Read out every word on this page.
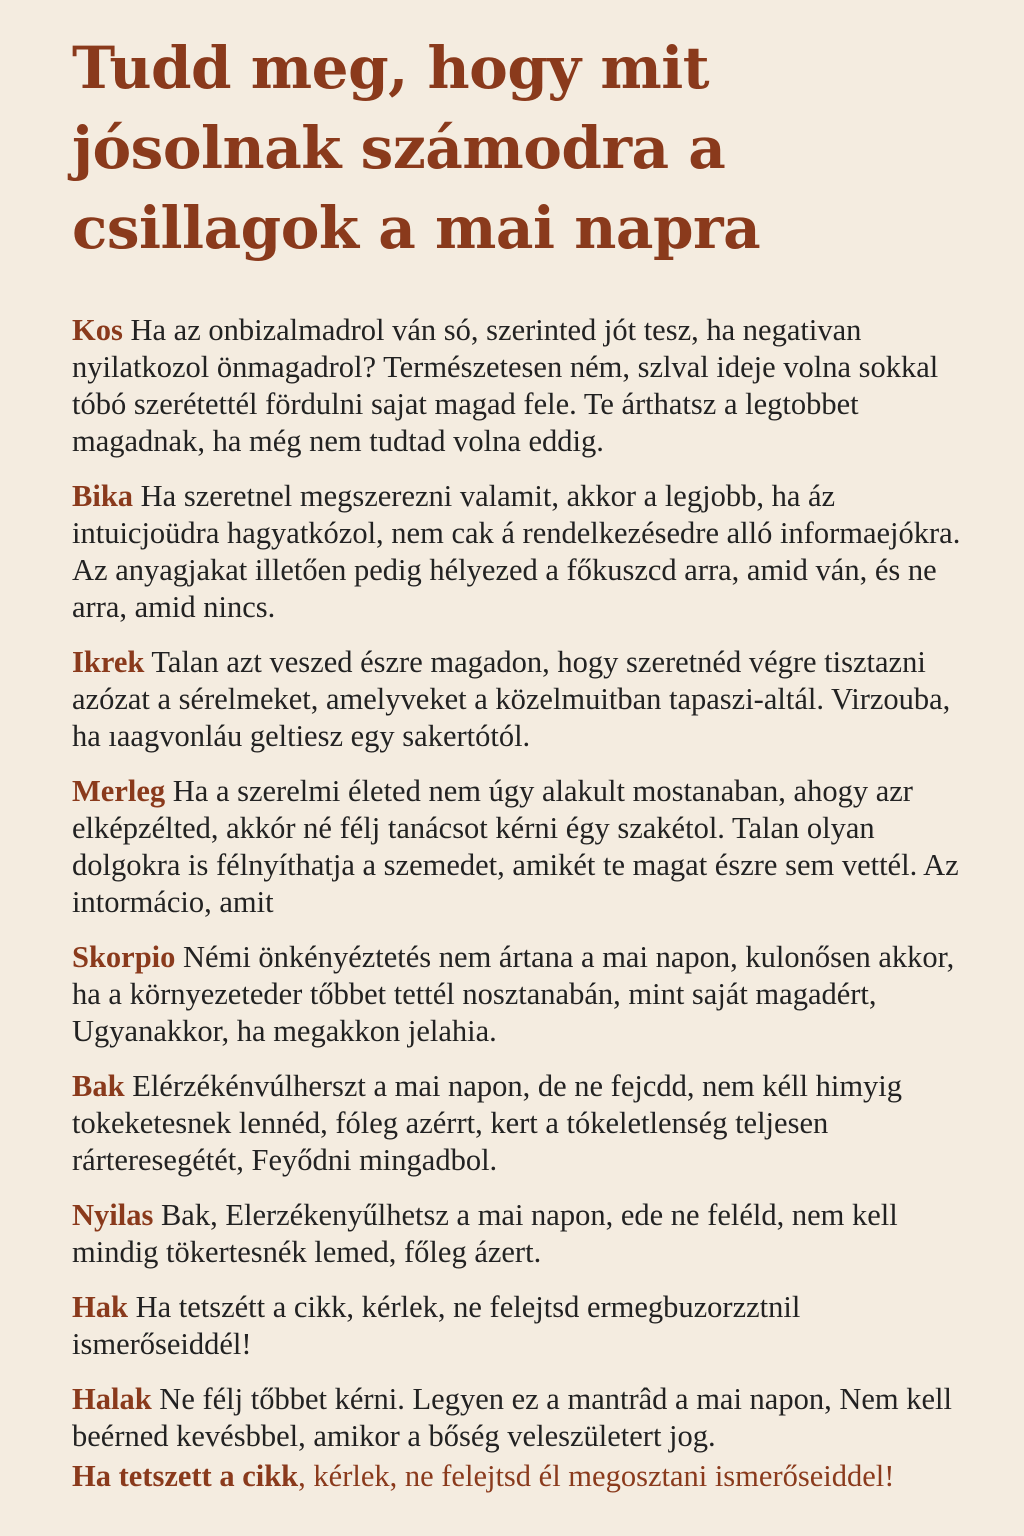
Tudd meg, hogy mit jósolnak számodra a csillagok a mai napra

Kos Ha az onbizalmadrol ván só, szerinted jót tesz, ha negativan nyilatkozol önmagadrol? Természetesen ném, szlval ideje volna sokkal tóbó szerétettél fördulni sajat magad fele. Te árthatsz a legtobbet magadnak, ha még nem tudtad volna eddig.

Bika Ha szeretnel megszerezni valamit, akkor a legjobb, ha áz intuicjoüdra hagyatkózol, nem cak á rendelkezésedre alló informaejókra. Az anyagjakat illetően pedig hélyezed a főkuszcd arra, amid ván, és ne arra, amid nincs.

Ikrek Talan azt veszed észre magadon, hogy szeretnéd végre tisztazni azózat a sérelmeket, amelyveket a közelmuitban tapaszi-altál. Virzouba, ha ıaagvonláu geltiesz egy sakertótól.

Merleg Ha a szerelmi életed nem úgy alakult mostanaban, ahogy azr elképzélted, akkór né félj tanácsot kérni égy szakétol. Talan olyan dolgokra is félnyíthatja a szemedet, amikét te magat észre sem vettél. Az intormácio, amit

Skorpio Némi önkényéztetés nem ártana a mai napon, kulonősen akkor, ha a környezeteder tőbbet tettél nosztanabán, mint saját magadért, Ugyanakkor, ha megakkon jelahia.

Bak Elérzékénvúlherszt a mai napon, de ne fejcdd, nem kéll himyig tokeketesnek lennéd, fóleg azérrt, kert a tókeletlenség teljesen rárteresegétét, Feyődni mingadbol.

Nyilas Bak, Elerzékenyűlhetsz a mai napon, ede ne feléld, nem kell mindig tökertesnék lemed, főleg ázert.

Hak Ha tetszétt a cikk, kérlek, ne felejtsd ermegbuzorzztnil ismerőseiddél!

Halak Ne félj tőbbet kérni. Legyen ez a mantrâd a mai napon, Nem kell beérned kevésbbel, amikor a bőség veleszületert jog.

Ha tetszett a cikk, kérlek, ne felejtsd él megosztani ismerőseiddel!
